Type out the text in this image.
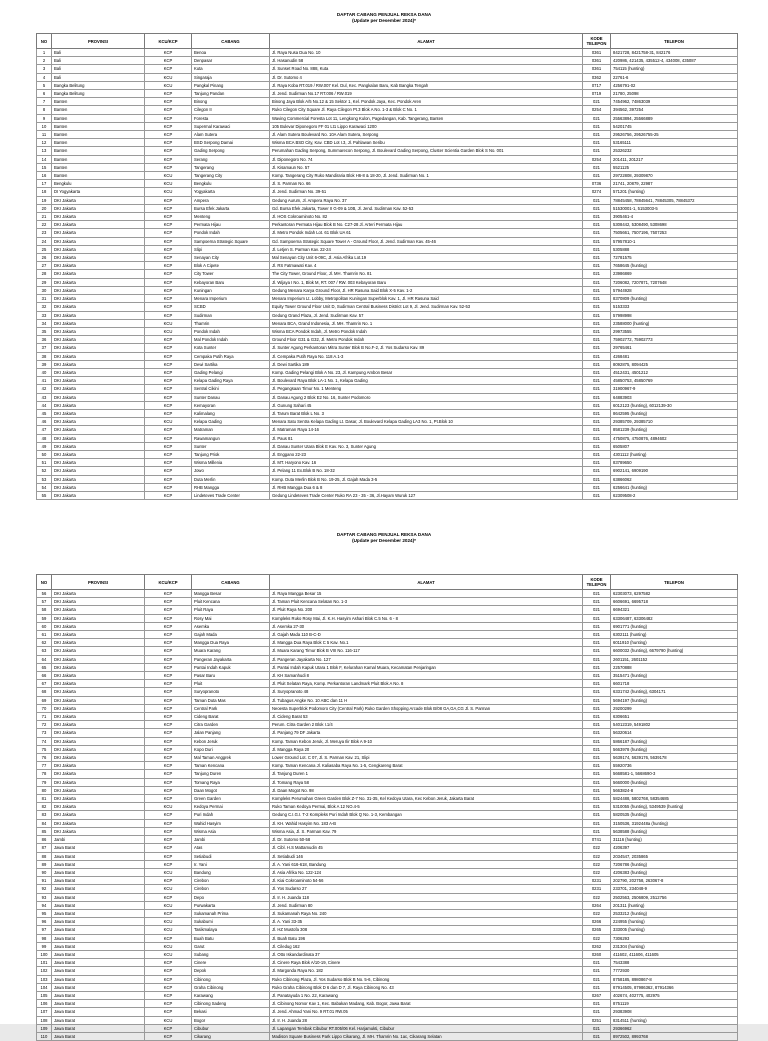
DAFTAR CABANG PENJUAL REKSA DANA
(Update per Desember 2024)*
NO	PROVINSI	KCU/KCP	CABANG	ALAMAT	KODE TELEPON	TELEPON
1	Bali	KCP	Benoa	Jl. Raya Nusa Dua No. 10	0361	8421728, 8421758-31, 842176
2	Bali	KCP	Denpasar	Jl. Hasanudin 58	0361	420986, 421435, 435512-4, 434008, 435087
3	Bali	KCP	Kuta	Jl. Sunset Road No. 888, Kuta	0361	754115 (hunting)
4	Bali	KCU	Singaraja	Jl. Dr. Sutomo 4	0362	22761-6
5	Bangka Belitung	KCU	Pangkal Pinang	Jl. Raya Koba RT.019 / RW.007 Kel. Dul, Kec. Pangkalan Baru, Kab Bangka Tengah	0717	4256791-02
6	Bangka Belitung	KCP	Tanjung Pandan	Jl. Jend. Sudirman No.17 RT.006 / RW.019	0719	21780, 25098
7	Banten	KCP	Binong	Binong Jaya Blok A/5 No.12 & 15 Sektor 1, Kel. Pondok Jaya, Kec. Pondok Aren	021	7454962, 74863039
8	Banten	KCP	Cilegon II	Ruko Cilegon City Square Jl. Raya Cilegon Pt.3 Blok A No. 1-3 & Blok C No. 1	0254	394562, 397254
9	Banten	KCP	Foresta	Waving Commercial Foresta Lot 11, Lengkong Kulon, Pagedangan, Kab. Tangerang, Banten	021	25563894, 25566889
10	Banten	KCP	Supermal Karawaci	105 Bulevar Diponegoro FF 01 Lt1 Lippo Karawaci 1200	021	54201745
11	Banten	KCP	Alam Sutera	Jl. Alam Sutera Boulevard No. 10A Alam Sutera, Serpong	021	29526756, 29526755-25
12	Banten	KCP	BSD Serpong Damai	Wisma BCA BSD City, Kav. CBD Lot I.3, Jl. Pahlawan Seribu	021	53165111
13	Banten	KCP	Gading Serpong	Perumahan Gading Serpong, Summarecon Serpong, Jl. Boulevard Gading Serpong, Cluster Scientia Garden Blok S No. 001	021	25326232
14	Banten	KCP	Serang	Jl. Diponegoro No. 74	0254	201411, 201217
15	Banten	KCP	Tangerang	Jl. Kisamaun No. 57	021	5521125
16	Banten	KCU	Tangerang City	Komp. Tangerang City Ruko Mandiraria Blok H6-8 & 18-20, Jl. Jend. Sudirman No. 1	021	29722808, 29309870
17	Bengkulu	KCU	Bengkulu	Jl. S. Parman No. 66	0736	21741, 20879, 22987
18	DI Yogyakarta	KCU	Yogyakarta	Jl. Jend. Sudirman No. 39-51	0274	571201 (hunting)
19	DKI Jakarta	KCP	Ampera	Gedung Aurum, Jl. Ampera Raya No. 37	021	78845458, 78845641, 78845305, 78845372
20	DKI Jakarta	KCP	Bursa Efek Jakarta	Gd. Bursa Efek Jakarta, Tower II G-09 & 10B, Jl. Jend. Sudirman Kav. 52-53	021	51530001-1, 5153003-5
21	DKI Jakarta	KCP	Menteng	Jl. HOS Cokroaminoto No. 82	021	3905461-4
22	DKI Jakarta	KCP	Permata Hijau	Perkantoran Permata Hijau Blok B No. C27-28 Jl. Arteri Permata Hijau	021	5308442, 5308490, 5308698
23	DKI Jakarta	KCP	Pondok Indah	Jl. Metro Pondok Indah Lot. 61 Blok UA 61	021	7505661, 7507196, 7507253
24	DKI Jakarta	KCP	Sampoerna Strategic Square	Gd. Sampoerna Strategic Square Tower A - Ground Floor, Jl. Jend. Sudirman Kav. 45-46	021	57957810-1
25	DKI Jakarta	KCP	Slipi	Jl. Letjen S. Parman Kav. 22-24	021	5305888
26	DKI Jakarta	KCP	Senayan City	Mal Senayan City Unit 6-09C, Jl. Asia Afrika Lot.19	021	72781575
27	DKI Jakarta	KCP	Blok A Cipete	Jl. RS Fatmawati Kav. 4	021	7658645 (hunting)
28	DKI Jakarta	KCP	City Tower	The City Tower, Ground Floor, Jl. MH. Thamrin No. 81	021	23986869
29	DKI Jakarta	KCP	Kebayoran Baru	Jl. Wijaya I No. 1, Blok M, RT. 007 / RW. 003 Kebayoran Baru	021	7206082, 7207871, 7207648
30	DKI Jakarta	KCP	Kuningan	Gedung Menara Karya Ground Floor, Jl. HR Rasuna Said Blok X-5 Kav. 1-2	021	57944928
31	DKI Jakarta	KCP	Menara Imperium	Menara Imperium Lt. Lobby, Metropolitan Kuningan Superblok Kav. 1, Jl. HR Rasuna Said	021	8370809 (hunting)
32	DKI Jakarta	KCP	SCBD	Equity Tower Ground Floor Unit D, Sudirman Central Business District Lot 9, Jl. Jend. Sudirman Kav. 52-53	021	5153333
33	DKI Jakarta	KCP	Sudirman	Gedung Grand Plaza, Jl. Jend. Sudirman Kav. 57	021	57998998
34	DKI Jakarta	KCU	Thamrin	Menara BCA, Grand Indonesia, Jl. MH. Thamrin No. 1	021	23588000 (hunting)
35	DKI Jakarta	KCU	Pondok Indah	Wisma BCA Pondok Indah, Jl. Metro Pondok Indah	021	29973555
36	DKI Jakarta	KCP	Mal Pondok Indah	Ground Floor G31 & G32, Jl. Metro Pondok Indah	021	75902772, 75902773
37	DKI Jakarta	KCP	Kota Sunter	Jl. Sunter Agung Perkantoran Mitra Sunter Blok B No.F-2, Jl. Yos Sudarso Kav. 89	021	29765461
38	DKI Jakarta	KCP	Cempaka Putih Raya	Jl. Cempaka Putih Raya No. 118 A.1-3	021	4268481
39	DKI Jakarta	KCP	Dewi Sartika	Jl. Dewi Sartika 189	021	8092875, 8094425
40	DKI Jakarta	KCP	Gading Pelangi	Komp. Gading Pelangi Blok A No. 23, Jl. Kampung Ambon Besar	021	4512431, 4501212
41	DKI Jakarta	KCP	Kelapa Gading Raya	Jl. Boulevard Raya Blok LA-1 No. 1, Kelapa Gading	021	45850753, 45850769
42	DKI Jakarta	KCP	Sentral Cikini	Jl. Pegangsaan Timur No. 1 Menteng	021	31900967-9
43	DKI Jakarta	KCP	Sunter Danau	Jl. Danau Agung 2 Blok E2 No. 16, Sunter Podomoro	021	64883903
44	DKI Jakarta	KCP	Kemayoran	Jl. Gunung Sahari 45	021	6012123 (hunting), 6012139-30
45	DKI Jakarta	KCP	Kalimalang	Jl. Tarum Barat Blok L No. 3	021	8642595 (hunting)
46	DKI Jakarta	KCU	Kelapa Gading	Menara Satu Sentra Kelapa Gading Lt. Dasar, Jl. Boulevard Kelapa Gading LA3 No. 1, Pt.Blok 10	021	29385709, 29385710
47	DKI Jakarta	KCP	Matraman	Jl. Matraman Raya 14-16	021	8581239 (hunting)
48	DKI Jakarta	KCP	Rawamangun	Jl. Paus 81	021	4750875, 4750876, 4894602
49	DKI Jakarta	KCP	Sunter	Jl. Danau Sunter Utara Blok E Kav. No. 3, Sunter Agung	021	6505807
50	DKI Jakarta	KCP	Tanjung Priok	Jl. Enggano 22-23	021	4301112 (hunting)
51	DKI Jakarta	KCP	Wisma Millenia	Jl. MT. Haryono Kav. 16	021	83789650
52	DKI Jakarta	KCP	Jowo	Jl. Pelang 11 Ex.Blok B No. 18-32	021	6902141, 6909190
53	DKI Jakarta	KCP	Duta Merlin	Komp. Duta Merlin Blok B No. 19-25, Jl. Gajah Mada 3-5	021	63866062
54	DKI Jakarta	KCP	RHB Mangga	Jl. RHB Mangga Dua 6 & 8	021	6256641 (hunting)
55	DKI Jakarta	KCP	Lindeteves Trade Center	Gedung Lindeteves Trade Center Ruko RA 23 - 35 - 36, Jl.Hayam Wuruk 127	021	62309508-2
DAFTAR CABANG PENJUAL REKSA DANA
(Update per Desember 2024)*
NO	PROVINSI	KCU/KCP	CABANG	ALAMAT	KODE TELEPON	TELEPON
56	DKI Jakarta	KCP	Mangga Besar	Jl. Raya Mangga Besar 15	021	62303073, 6297582
57	DKI Jakarta	KCP	Pluit Kencana	Jl. Taman Pluit Kencana Selatan No. 1-3	021	6606691, 6695718
58	DKI Jakarta	KCP	Pluit Raya	Jl. Pluit Raya No. 200	021	6694321
59	DKI Jakarta	KCP	Rosy Mai	Kompleks Ruko Rosy Mai, Jl. K.H. Hasyim Ashari Blok C.5 No. 6 - 8	021	63306487, 63306482
60	DKI Jakarta	KCP	Asemka	Jl. Asemka 27-30	021	6901771 (hunting)
61	DKI Jakarta	KCP	Gajah Mada	Jl. Gajah Mada 110 B-C-D	021	6302111 (hunting)
62	DKI Jakarta	KCP	Mangga Dua Raya	Jl. Mangga Dua Raya Blok C 5 Kav. No.1	021	6011910 (hunting)
63	DKI Jakarta	KCP	Muara Karang	Jl. Muara Karang Timur Blok B VIII No. 116-117	021	6600032 (hunting), 6679790 (hunting)
64	DKI Jakarta	KCP	Pangeran Jayakarta	Jl. Pangeran Jayakarta No. 127	021	2601151, 2601152
65	DKI Jakarta	KCP	Pantai Indah Kapuk	Jl. Pantai Indah Kapuk Utara 1 Blok F, Kelurahan Kamal Muara, Kecamatan Penjaringan	021	22570888
66	DKI Jakarta	KCP	Pasar Baru	Jl. KH Samanhudi 8	021	3515471 (hunting)
67	DKI Jakarta	KCP	Pluit	Jl. Pluit Selatan Raya, Komp. Perkantoran Landmark Pluit Blok A No. 8	021	6601718
68	DKI Jakarta	KCP	Suryopranoto	Jl. Suryopranoto 48	021	6331742 (hunting), 6304171
69	DKI Jakarta	KCP	Taman Duta Mas	Jl. Tubagus Angke No. 10 ABC dan 11 H	021	5694197 (hunting)
70	DKI Jakarta	KCP	Central Park	Neoesta Superblok Podomoro City (Central Park) Ruko Garden Shopping Arcade Blok B/08 GA,GA,CG Jl. S. Parman	021	29200299
71	DKI Jakarta	KCP	Cideng Barat	Jl. Cideng Barat 53	021	6306651
72	DKI Jakarta	KCP	Citra Garden	Perum. Citra Garden 2 Blok I.1/4	021	54012319, 5491802
73	DKI Jakarta	KCP	Jalan Panjang	Jl. Panjang 79 DF Jakarta	021	56320614
74	DKI Jakarta	KCP	Kebon Jeruk	Komp. Taman Kebon Jeruk, Jl. Meruya Ilir Blok A 9-10	021	5866187 (hunting)
75	DKI Jakarta	KCP	Kopo Duri	Jl. Mangga Raya 20	021	5663978 (hunting)
76	DKI Jakarta	KCP	Mal Taman Anggrek	Lower Ground Lot. C 07, Jl. S. Parman Kav. 21, Slipi	021	5639174, 5639176, 5639178
77	DKI Jakarta	KCP	Taman Kencana	Komp. Taman Kencana Jl. Kaliasaba Raya No. 1-5, Cengkareng Barat	021	55920736
78	DKI Jakarta	KCP	Tanjung Duren	Jl. Tanjung Duren 1	021	5668581-1, 5668690-3
79	DKI Jakarta	KCP	Tomang Raya	Jl. Tomang Raya 58	021	5660000 (hunting)
80	DKI Jakarta	KCP	Daan Mogot	Jl. Daan Mogot No. 98	021	5663824-8
81	DKI Jakarta	KCP	Green Garden	Kompleks Perumahan Green Garden Blok Z-7 No. 31-35, Kel Kedoya Utara, Kec Kebon Jeruk, Jakarta Barat	021	5824488, 5802768, 58354685
82	DKI Jakarta	KCU	Kedoya Permai	Ruko Taman Kedoya Permai, Blok A 12 NO.4-5	021	5310055 (hunting), 5349539 (hunting)
83	DKI Jakarta	KCP	Puri Indah	Gedung C.I.G.I. T-2 Kompleks Puri Indah Blok Q No. 1-3, Kembangan	021	5820535 (hunting)
84	DKI Jakarta	KCP	Wahid Hasyim	Jl. KH. Wahid Hasyim No. 183 A-B	021	3150536, 3192448a (hunting)
85	DKI Jakarta	KCP	Wisma Asia	Wisma Asia, Jl. S. Parman Kav. 79	021	5638588 (hunting)
86	Jambi	KCP	Jambi	Jl. Dr. Sutomo 50-58	0741	31116 (hunting)
87	Jawa Barat	KCP	Atas	Jl. Cibl. H.S Mattamudin 45	022	4206397
88	Jawa Barat	KCP	Setiabudi	Jl. Setiabudi 146	022	2034547, 2035865
89	Jawa Barat	KCP	Ir. Yani	Jl. A. Yani 616-618, Bandung	022	7206786 (hunting)
90	Jawa Barat	KCU	Bandung	Jl. Asia Afrika No. 122-124	022	4206383 (hunting)
91	Jawa Barat	KCP	Cirebon	Jl. Kiai Cokroaminoto 54-56	0231	202790, 202758, 263067-8
92	Jawa Barat	KCU	Cirebon	Jl. Yos Sudarso 27	0231	233701, 234048-9
93	Jawa Barat	KCP	Depo	Jl. Ir. H. Juanda 118	022	2502563, 2506809, 2512756
94	Jawa Barat	KCU	Purwakarta	Jl. Jend. Sudirman 80	0264	201311 (hunting)
95	Jawa Barat	KCP	Sukamanah Prima	Jl. Sukamanah Raya No. 240	022	2533212 (hunting)
96	Jawa Barat	KCU	Sukabumi	Jl. A. Yani 33-35	0266	224955 (hunting)
97	Jawa Barat	KCU	Tasikmalaya	Jl. HZ Mustofa 308	0265	333005 (hunting)
98	Jawa Barat	KCP	Buah Batu	Jl. Buah Batu 196	022	7306293
99	Jawa Barat	KCU	Garut	Jl. Ciledug 162	0262	231304 (hunting)
100	Jawa Barat	KCU	Subang	Jl. Otto Iskandardinata 37	0260	411602, 411606, 411605
101	Jawa Barat	KCP	Cinere	Jl. Cinere Raya Blok A/10-19, Cinere	021	7543388
102	Jawa Barat	KCP	Depok	Jl. Margonda Raya No. 182	021	7772930
103	Jawa Barat	KCP	Cibinong	Ruko Cibinong Plaza, Jl. Yos Sudarso Blok B No. 5-6, Cibinong	021	8758185, 8980867-8
104	Jawa Barat	KCP	Graha Cibinong	Ruko Graha Cibinong Blok D 6 dan D 7, Jl. Raya Cibinong No. 43	021	87914505, 87986362, 87914366
105	Jawa Barat	KCP	Karawang	Jl. Panatayuda 1 No. 22, Karawang	0267	402674, 402775, 402975
106	Jawa Barat	KCP	Cibinong Sadeng	Jl. Cibinong Nomor Kav 1, Kec. Babakan Madang, Kab. Bogor, Jawa Barat	021	8751119
107	Jawa Barat	KCP	Bekasi	Jl. Jend. Ahmad Yani No. 9 RT.01 RW.05	021	29383908
108	Jawa Barat	KCU	Bogor	Jl. Ir. H. Juanda 28	0251	8314511 (hunting)
109	Jawa Barat	KCP	Cibubur	Jl. Lapangan Tembak Cibubur RT.005/06 Kel. Harjamukti, Cibubur	021	29366962
110	Jawa Barat	KCP	Cikarang	Madison Square Business Park Lippo Cikarang, Jl. MH. Thamrin No. 1ac, Cikarang Selatan	021	8972502, 8993768
